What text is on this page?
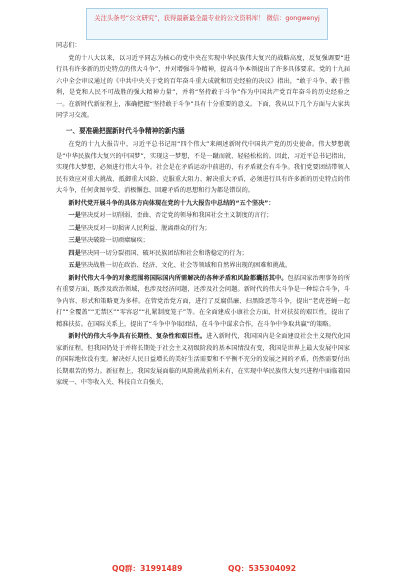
关注头条号“公文研究”，获得最新最全最专业的公文资料库！ 微信：gongwenyj

同志们：

党的十八大以来，以习近平同志为核心的党中央在实现中华民族伟大复兴的战略高度，反复强调要“进行具有许多新的历史特点的伟大斗争”，并对增强斗争精神，提高斗争本领提出了许多具体要求。党的十九届六中全会审议通过的《中共中央关于党的百年奋斗重大成就和历史经验的决议》指出，“敢于斗争、敢于胜利，是党和人民不可战胜的强大精神力量”，并将“坚持敢于斗争”作为中国共产党百年奋斗的历史经验之一。在新时代新征程上，准确把握“坚持敢于斗争”具有十分重要的意义。下面，我从以下几个方面与大家共同学习交流。

一、要准确把握新时代斗争精神的新内涵

在党的十九大报告中，习近平总书记用“四个伟大”来阐述新时代中国共产党的历史使命。伟大梦想就是“中华民族伟大复兴的中国梦”，实现这一梦想，不是一蹴而就、轻轻松松的。因此，习近平总书记指出，实现伟大梦想，必须进行伟大斗争。社会是在矛盾运动中前进的，有矛盾就会有斗争。我们党要团结带领人民有效应对重大挑战、抵御重大风险、克服重大阻力、解决重大矛盾，必须进行具有许多新的历史特点的伟大斗争，任何贪图享受、消极懈怠、回避矛盾的思想和行为都是错误的。

新时代党开展斗争的具体方向体现在党的十九大报告中总结的“五个坚决”：

一是坚决反对一切削弱、歪曲、否定党的领导和我国社会主义制度的言行；

二是坚决反对一切损害人民利益、脱离群众的行为；

三是坚决破除一切顽瘴痼疾；

四是坚决同一切分裂祖国、破坏民族团结和社会和谐稳定的行为；

五是坚决战胜一切在政治、经济、文化、社会等领域和自然界出现的困难和挑战。

新时代伟大斗争的对象范围将国际国内所需解决的各种矛盾和风险都囊括其中。包括国家治理事务的所有重要方面，既涉及政治领域，也涉及经济问题，还涉及社会问题。新时代的伟大斗争是一种综合斗争，斗争内容、形式和策略更为多样。在管党治党方面，进行了反腐倡廉、扫黑除恶等斗争，提出“老虎苍蝇一起打”“全覆盖”“无禁区”“零容忍”“扎紧制度笼子”等。在全面建成小康社会方面，针对扶贫的艰巨性，提出了精准扶贫。在国际关系上，提出了“斗争中争取团结，在斗争中谋求合作，在斗争中争取共赢”的策略。

新时代的伟大斗争具有长期性、复杂性和艰巨性。进入新时代，我国国内是全面建设社会主义现代化国家新征程，但我国仍处于并将长期处于社会主义初级阶段的基本国情没有变，我国是世界上最大发展中国家的国际地位没有变。解决好人民日益增长的美好生活需要和不平衡不充分的发展之间的矛盾，仍然需要付出长期艰苦的努力。新征程上，我国发展面临的风险挑战前所未有，在实现中华民族伟大复兴进程中面临着国家统一、中等收入关、科技自立自强关、

QQ群：31991489	QQ：535304092
